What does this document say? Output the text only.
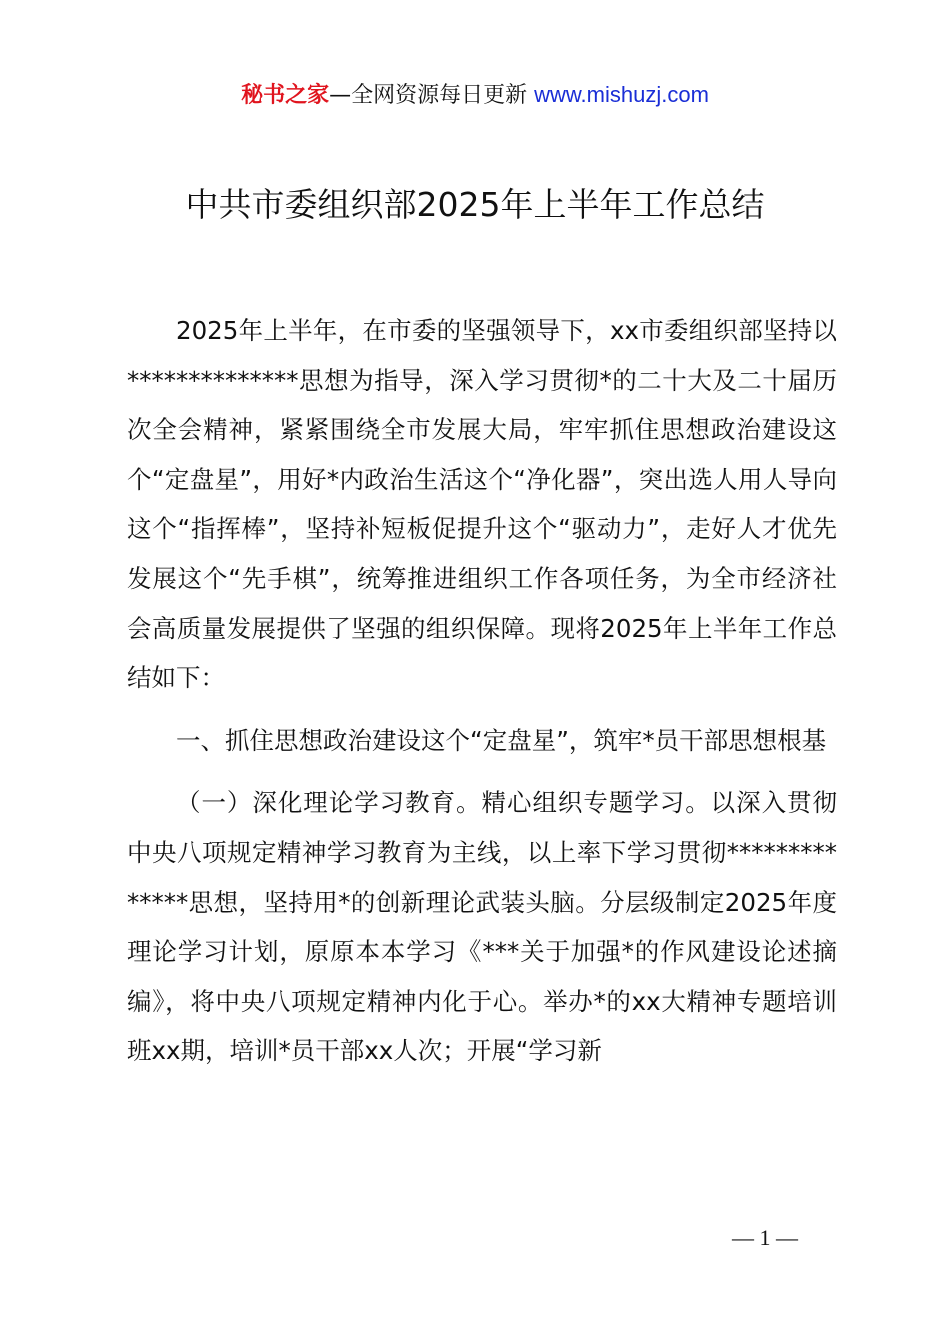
秘书之家—全网资源每日更新 www.mishuzj.com
中共市委组织部2025年上半年工作总结

2025年上半年，在市委的坚强领导下，xx市委组织部坚持以**************思想为指导，深入学习贯彻*的二十大及二十届历次全会精神，紧紧围绕全市发展大局，牢牢抓住思想政治建设这个“定盘星”，用好*内政治生活这个“净化器”，突出选人用人导向这个“指挥棒”，坚持补短板促提升这个“驱动力”，走好人才优先发展这个“先手棋”，统筹推进组织工作各项任务，为全市经济社会高质量发展提供了坚强的组织保障。现将2025年上半年工作总结如下：

一、抓住思想政治建设这个“定盘星”，筑牢*员干部思想根基

（一）深化理论学习教育。精心组织专题学习。以深入贯彻中央八项规定精神学习教育为主线，以上率下学习贯彻**************思想，坚持用*的创新理论武装头脑。分层级制定2025年度理论学习计划，原原本本学习《***关于加强*的作风建设论述摘编》，将中央八项规定精神内化于心。举办*的xx大精神专题培训班xx期，培训*员干部xx人次；开展“学习新

— 1 —
